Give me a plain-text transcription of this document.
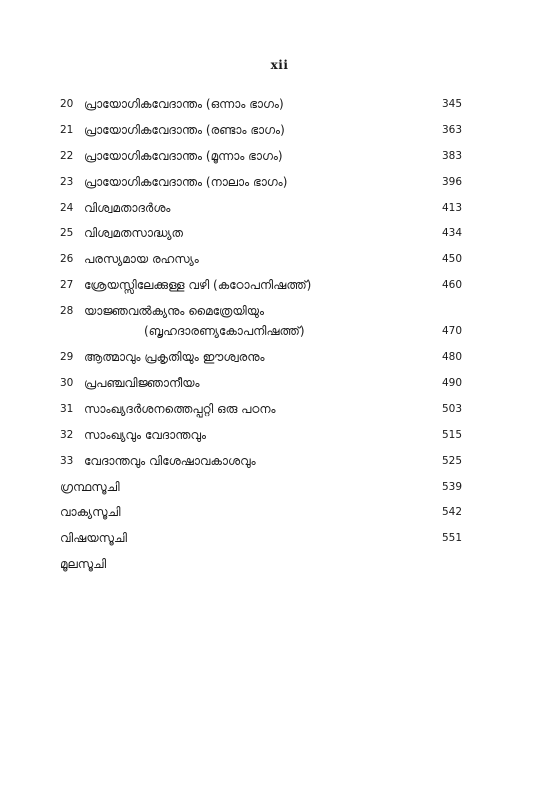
xii
20 പ്രായോഗികവേദാന്തം (ഒന്നാം ഭാഗം)	345
21 പ്രായോഗികവേദാന്തം (രണ്ടാം ഭാഗം)	363
22 പ്രായോഗികവേദാന്തം (മൂന്നാം ഭാഗം)	383
23 പ്രായോഗികവേദാന്തം (നാലാം ഭാഗം)	396
24 വിശ്വമതാദർശം	413
25 വിശ്വമതസാദ്ധ്യത	434
26 പരസ്യമായ രഹസ്യം	450
27 ശ്രേയസ്സിലേക്കുള്ള വഴി (കഠോപനിഷത്ത്)	460
28 യാജ്ഞവൽക്യനും മൈത്രേയിയും
(ബൃഹദാരണ്യകോപനിഷത്ത്)	470
29 ആത്മാവും പ്രകൃതിയും ഈശ്വരനും	480
30 പ്രപഞ്ചവിജ്ഞാനീയം	490
31 സാംഖ്യദർശനത്തെപ്പറ്റി ഒരു പഠനം	503
32 സാംഖ്യവും വേദാന്തവും	515
33 വേദാന്തവും വിശേഷാവകാശവും	525
ഗ്രന്ഥസൂചി	539
വാക്യസൂചി	542
വിഷയസൂചി	551
മൂലസൂചി
